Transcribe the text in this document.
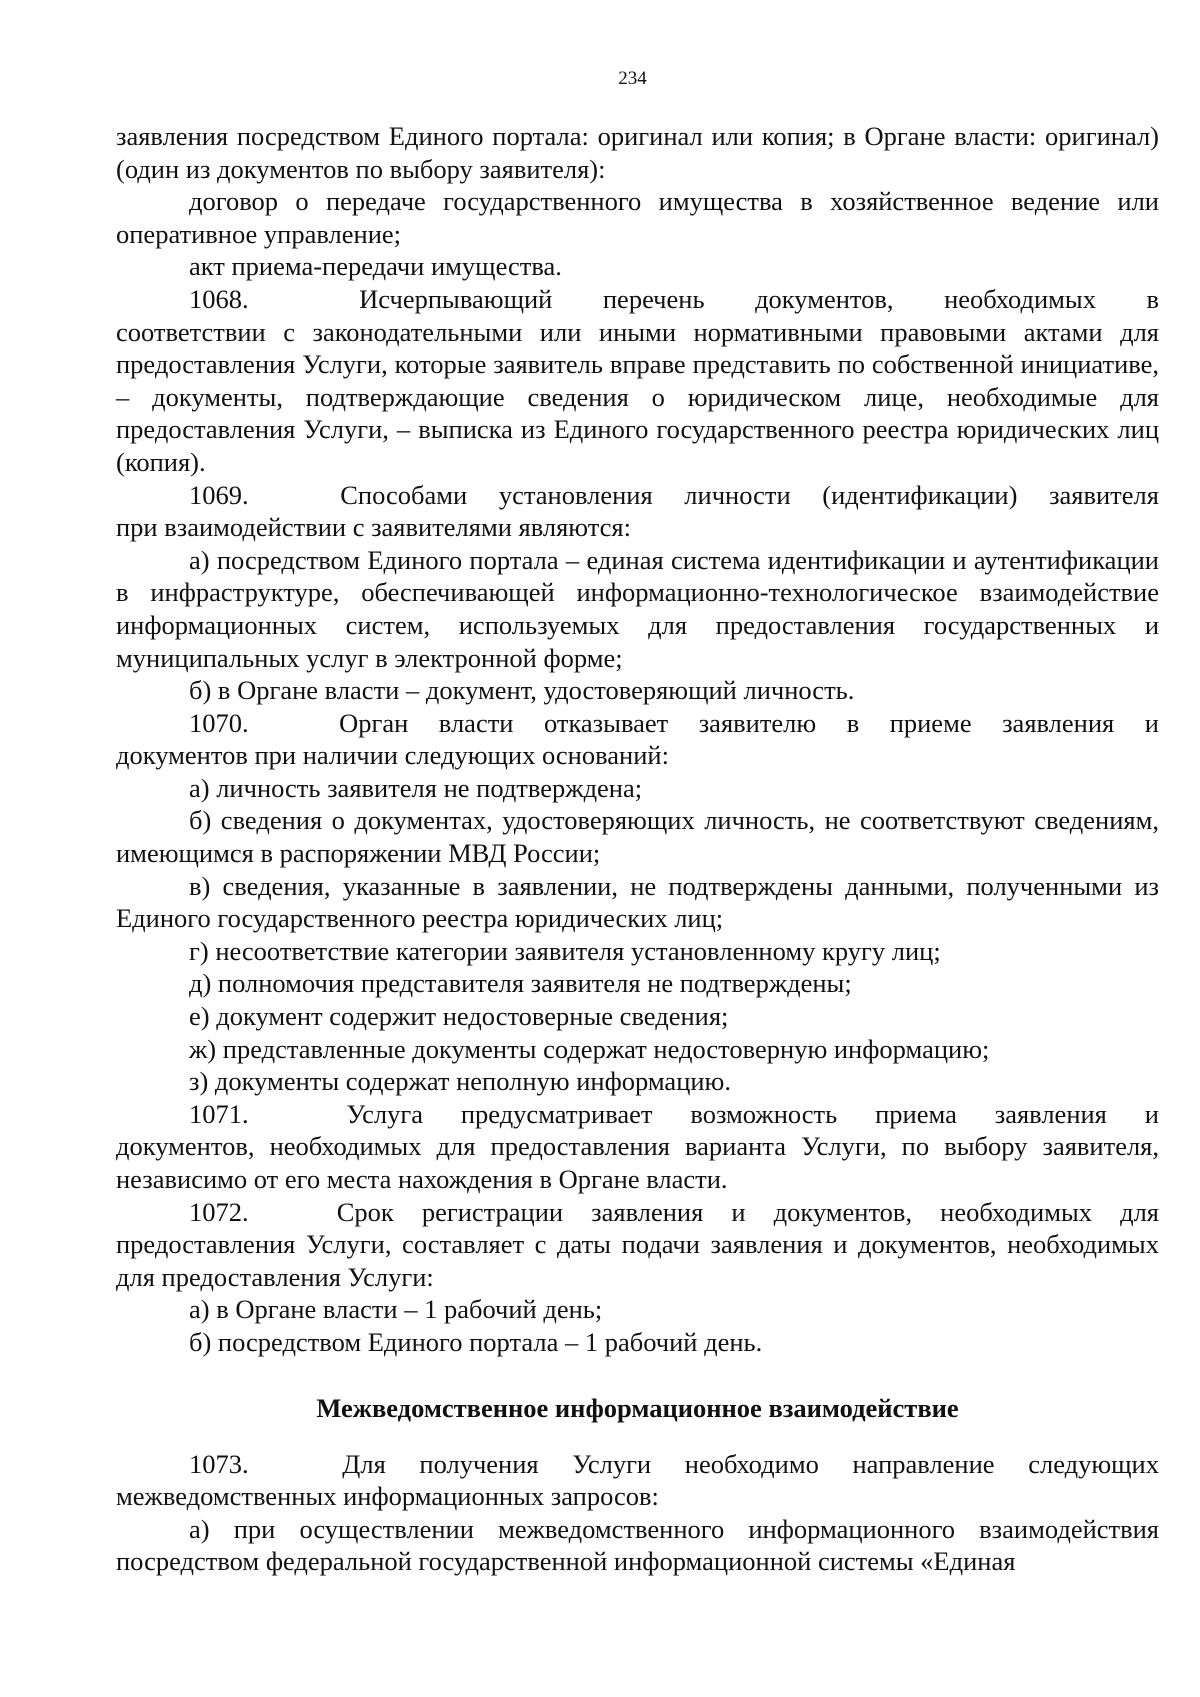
234

заявления посредством Единого портала: оригинал или копия; в Органе власти: оригинал) (один из документов по выбору заявителя):

договор о передаче государственного имущества в хозяйственное ведение или оперативное управление;

акт приема-передачи имущества.

1068.	Исчерпывающий перечень документов, необходимых в

соответствии с законодательными или иными нормативными правовыми актами для предоставления Услуги, которые заявитель вправе представить по собственной инициативе, – документы, подтверждающие сведения о юридическом лице, необходимые для предоставления Услуги, – выписка из Единого государственного реестра юридических лиц (копия).

1069.	Способами установления личности (идентификации) заявителя

при взаимодействии с заявителями являются:

а) посредством Единого портала – единая система идентификации и аутентификации в инфраструктуре, обеспечивающей информационно-технологическое взаимодействие информационных систем, используемых для предоставления государственных и муниципальных услуг в электронной форме;

б) в Органе власти – документ, удостоверяющий личность.

1070.	Орган власти отказывает заявителю в приеме заявления и

документов при наличии следующих оснований:

а) личность заявителя не подтверждена;

б) сведения о документах, удостоверяющих личность, не соответствуют сведениям, имеющимся в распоряжении МВД России;

в) сведения, указанные в заявлении, не подтверждены данными, полученными из Единого государственного реестра юридических лиц;

г) несоответствие категории заявителя установленному кругу лиц;

д) полномочия представителя заявителя не подтверждены;

е) документ содержит недостоверные сведения;

ж) представленные документы содержат недостоверную информацию;

з) документы содержат неполную информацию.

1071.	Услуга предусматривает возможность приема заявления и

документов, необходимых для предоставления варианта Услуги, по выбору заявителя, независимо от его места нахождения в Органе власти.

1072.	Срок регистрации заявления и документов, необходимых для

предоставления Услуги, составляет с даты подачи заявления и документов, необходимых для предоставления Услуги:

а) в Органе власти – 1 рабочий день;

б) посредством Единого портала – 1 рабочий день.

Межведомственное информационное взаимодействие
1073.	Для получения Услуги необходимо направление следующих

межведомственных информационных запросов:

а) при осуществлении межведомственного информационного взаимодействия посредством федеральной государственной информационной системы «Единая
